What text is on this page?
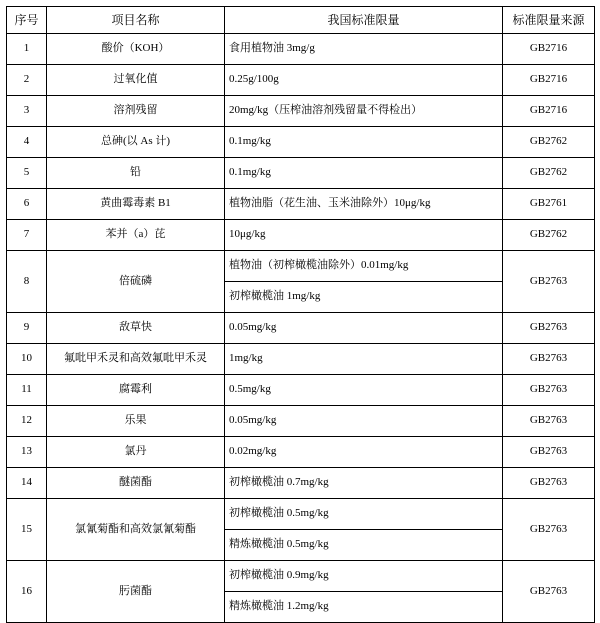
序号	项目名称	我国标准限量	标准限量来源
1	酸价（KOH）	食用植物油 3mg/g	GB2716
2	过氧化值	0.25g/100g	GB2716
3	溶剂残留	20mg/kg（压榨油溶剂残留量不得检出）	GB2716
4	总砷(以 As 计)	0.1mg/kg	GB2762
5	铅	0.1mg/kg	GB2762
6	黄曲霉毒素 B1	植物油脂（花生油、玉米油除外）10μg/kg	GB2761
7	苯并（a）芘	10μg/kg	GB2762
8	倍硫磷	植物油（初榨橄榄油除外）0.01mg/kg	GB2763
		初榨橄榄油 1mg/kg	
9	敌草快	0.05mg/kg	GB2763
10	氟吡甲禾灵和高效氟吡甲禾灵	1mg/kg	GB2763
11	腐霉利	0.5mg/kg	GB2763
12	乐果	0.05mg/kg	GB2763
13	氯丹	0.02mg/kg	GB2763
14	醚菌酯	初榨橄榄油 0.7mg/kg	GB2763
15	氯氰菊酯和高效氯氰菊酯	初榨橄榄油 0.5mg/kg	GB2763
		精炼橄榄油 0.5mg/kg	
16	肟菌酯	初榨橄榄油 0.9mg/kg	GB2763
		精炼橄榄油 1.2mg/kg	
